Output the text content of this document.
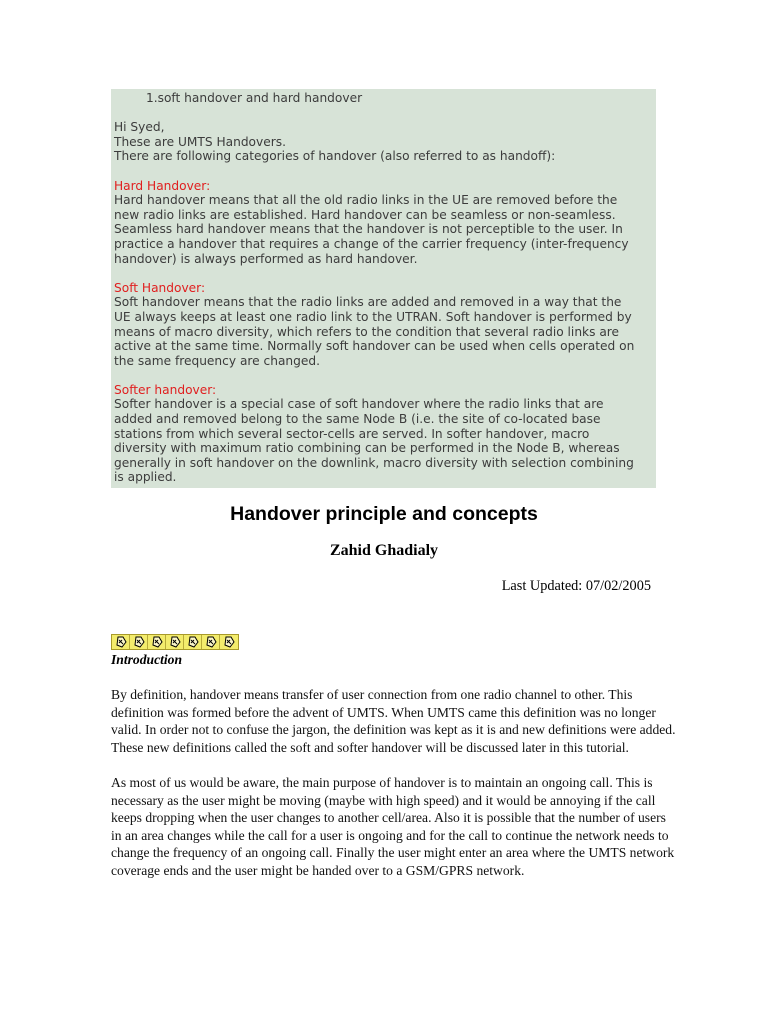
1.soft handover and hard handover

Hi Syed,

These are UMTS Handovers.

There are following categories of handover (also referred to as handoff):

Hard Handover:

Hard handover means that all the old radio links in the UE are removed before the

new radio links are established. Hard handover can be seamless or non-seamless.

Seamless hard handover means that the handover is not perceptible to the user. In

practice a handover that requires a change of the carrier frequency (inter-frequency

handover) is always performed as hard handover.

Soft Handover:

Soft handover means that the radio links are added and removed in a way that the

UE always keeps at least one radio link to the UTRAN. Soft handover is performed by

means of macro diversity, which refers to the condition that several radio links are

active at the same time. Normally soft handover can be used when cells operated on

the same frequency are changed.

Softer handover:

Softer handover is a special case of soft handover where the radio links that are

added and removed belong to the same Node B (i.e. the site of co-located base

stations from which several sector-cells are served. In softer handover, macro

diversity with maximum ratio combining can be performed in the Node B, whereas

generally in soft handover on the downlink, macro diversity with selection combining

is applied.

Handover principle and concepts
Zahid Ghadialy
Last Updated: 07/02/2005
Introduction

By definition, handover means transfer of user connection from one radio channel to other. This
definition was formed before the advent of UMTS. When UMTS came this definition was no longer
valid. In order not to confuse the jargon, the definition was kept as it is and new definitions were added.
These new definitions called the soft and softer handover will be discussed later in this tutorial.

As most of us would be aware, the main purpose of handover is to maintain an ongoing call. This is
necessary as the user might be moving (maybe with high speed) and it would be annoying if the call
keeps dropping when the user changes to another cell/area. Also it is possible that the number of users
in an area changes while the call for a user is ongoing and for the call to continue the network needs to
change the frequency of an ongoing call. Finally the user might enter an area where the UMTS network
coverage ends and the user might be handed over to a GSM/GPRS network.
